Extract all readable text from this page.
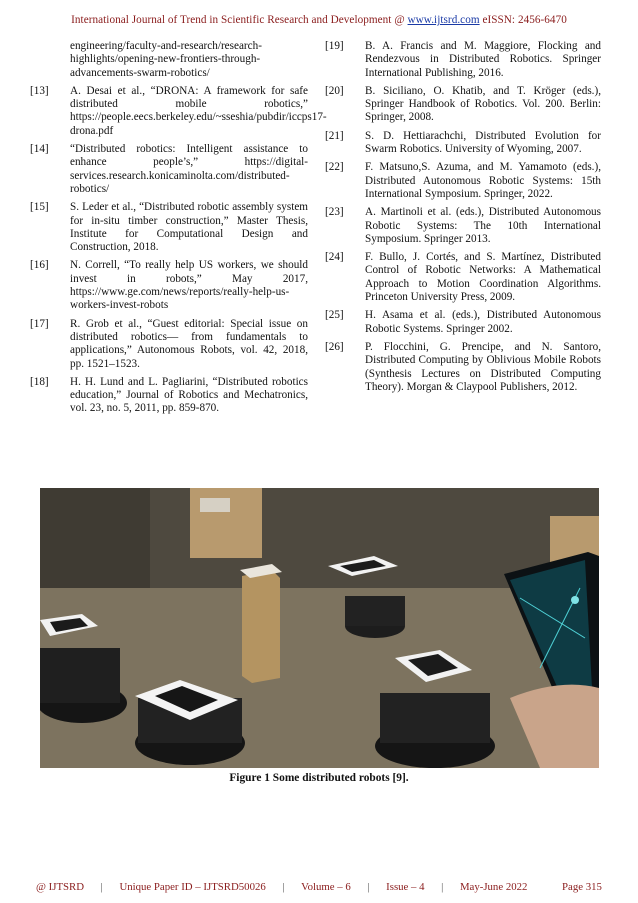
International Journal of Trend in Scientific Research and Development @ www.ijtsrd.com eISSN: 2456-6470
engineering/faculty-and-research/research-highlights/opening-new-frontiers-through-advancements-swarm-robotics/
[13] A. Desai et al., “DRONA: A framework for safe distributed mobile robotics,” https://people.eecs.berkeley.edu/~sseshia/pubdir/iccps17-drona.pdf
[14] “Distributed robotics: Intelligent assistance to enhance people’s,” https://digital-services.research.konicaminolta.com/distributed-robotics/
[15] S. Leder et al., “Distributed robotic assembly system for in-situ timber construction,” Master Thesis, Institute for Computational Design and Construction, 2018.
[16] N. Correll, “To really help US workers, we should invest in robots,” May 2017, https://www.ge.com/news/reports/really-help-us-workers-invest-robots
[17] R. Grob et al., “Guest editorial: Special issue on distributed robotics— from fundamentals to applications,” Autonomous Robots, vol. 42, 2018, pp. 1521–1523.
[18] H. H. Lund and L. Pagliarini, “Distributed robotics education,” Journal of Robotics and Mechatronics, vol. 23, no. 5, 2011, pp. 859-870.
[19] B. A. Francis and M. Maggiore, Flocking and Rendezvous in Distributed Robotics. Springer International Publishing, 2016.
[20] B. Siciliano, O. Khatib, and T. Kröger (eds.), Springer Handbook of Robotics. Vol. 200. Berlin: Springer, 2008.
[21] S. D. Hettiarachchi, Distributed Evolution for Swarm Robotics. University of Wyoming, 2007.
[22] F. Matsuno,S. Azuma, and M. Yamamoto (eds.), Distributed Autonomous Robotic Systems: 15th International Symposium. Springer, 2022.
[23] A. Martinoli et al. (eds.), Distributed Autonomous Robotic Systems: The 10th International Symposium. Springer 2013.
[24] F. Bullo, J. Cortés, and S. Martínez, Distributed Control of Robotic Networks: A Mathematical Approach to Motion Coordination Algorithms. Princeton University Press, 2009.
[25] H. Asama et al. (eds.), Distributed Autonomous Robotic Systems. Springer 2002.
[26] P. Flocchini, G. Prencipe, and N. Santoro, Distributed Computing by Oblivious Mobile Robots (Synthesis Lectures on Distributed Computing Theory). Morgan & Claypool Publishers, 2012.
Figure 1 Some distributed robots [9].
@ IJTSRD | Unique Paper ID – IJTSRD50026 | Volume – 6 | Issue – 4 | May-June 2022	Page 315
